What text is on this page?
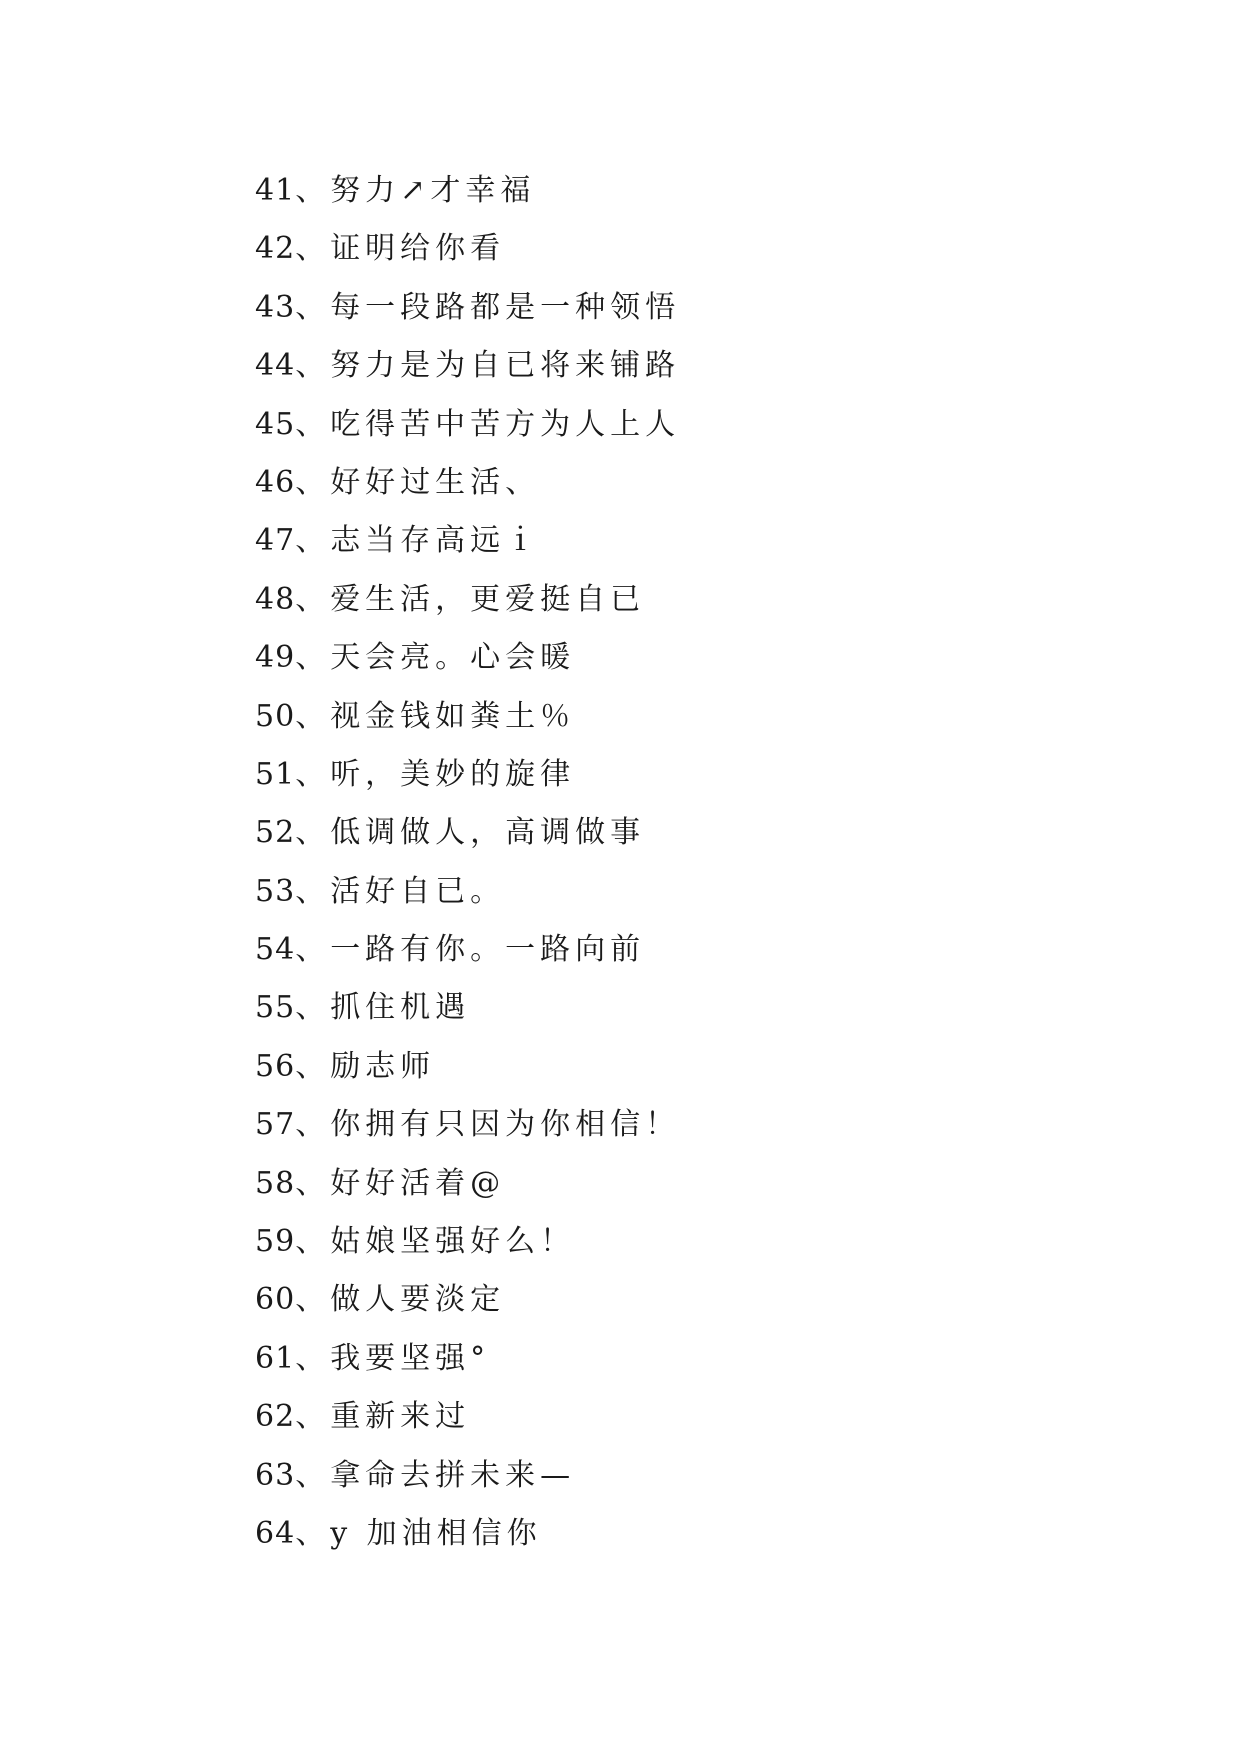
41、努力↗才幸福
42、证明给你看
43、每一段路都是一种领悟
44、努力是为自已将来铺路
45、吃得苦中苦方为人上人
46、好好过生活、
47、志当存高远ｉ
48、爱生活，更爱挺自已
49、天会亮。心会暖
50、视金钱如粪土％
51、听，美妙的旋律
52、低调做人，高调做事
53、活好自已。
54、一路有你。一路向前
55、抓住机遇
56、励志师
57、你拥有只因为你相信！
58、好好活着@
59、姑娘坚强好么！
60、做人要淡定
61、我要坚强°
62、重新来过
63、拿命去拼未来—
64、y 加油相信你
